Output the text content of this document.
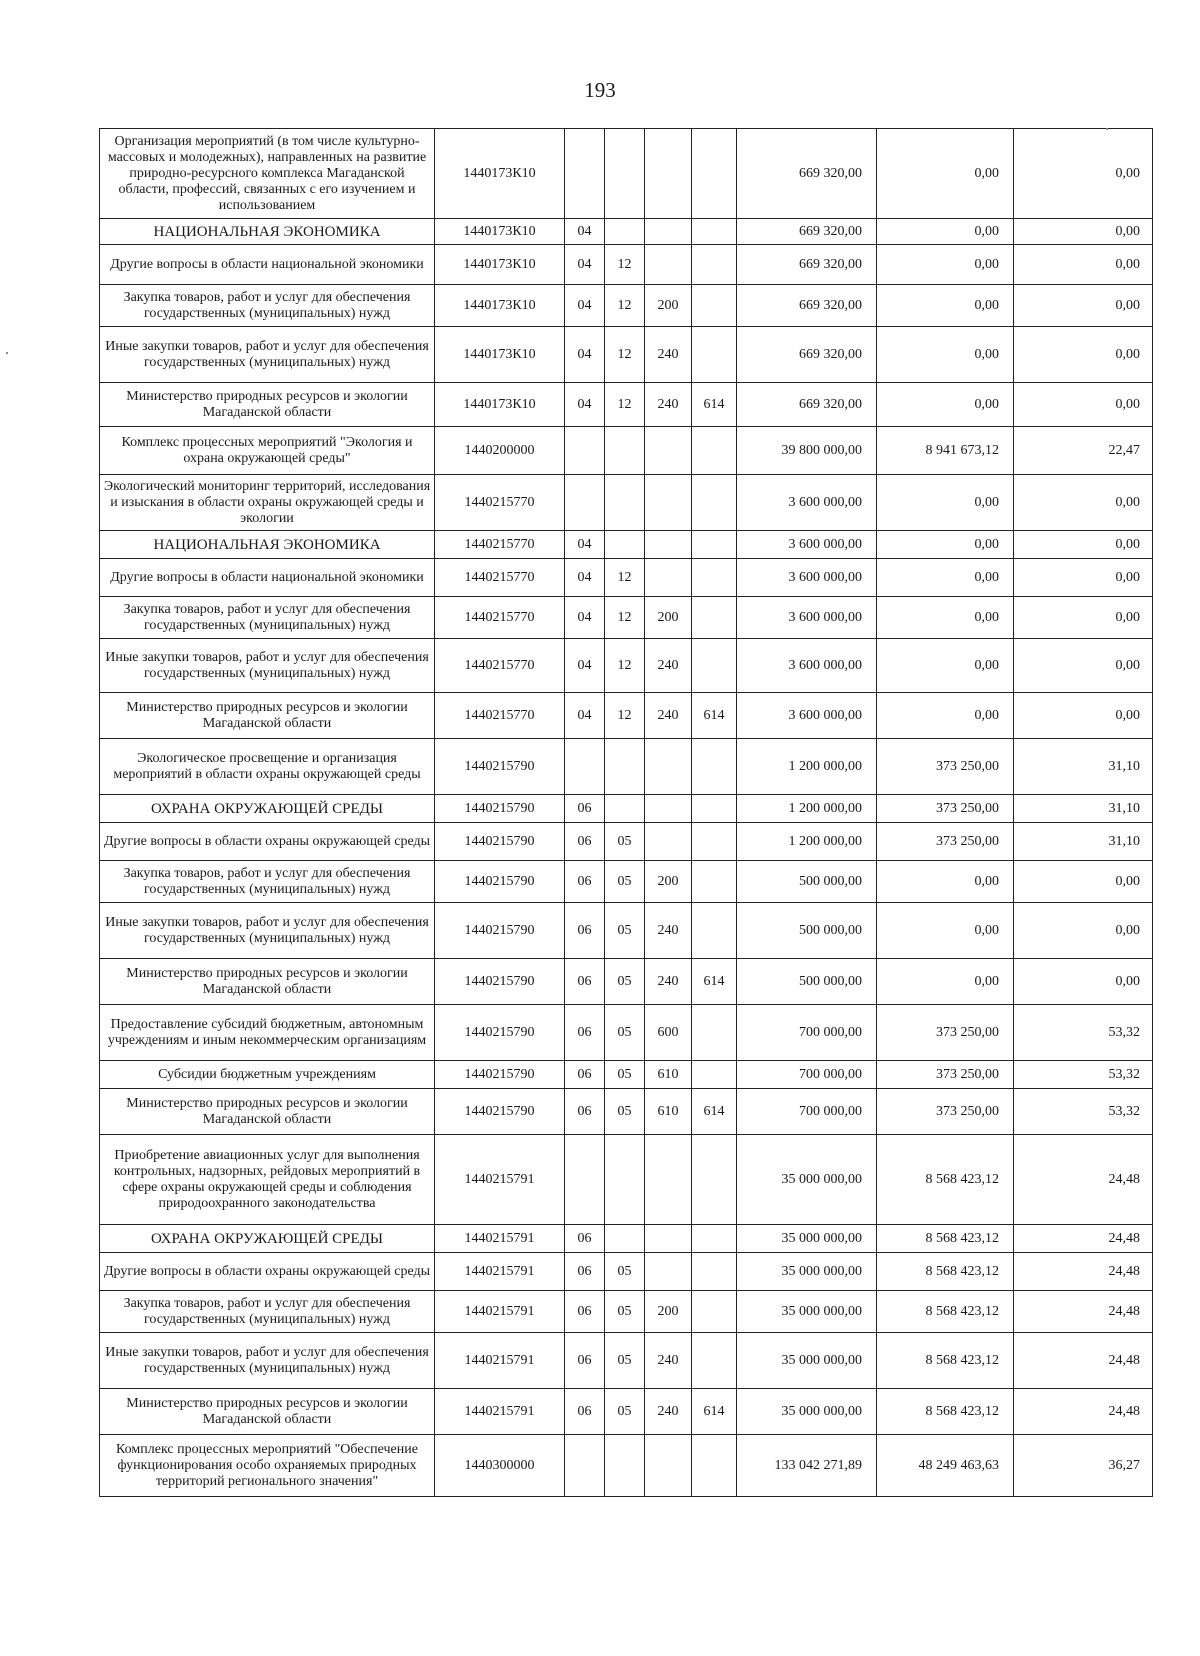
193
Организация мероприятий (в том числе культурно-массовых и молодежных), направленных на развитие природно-ресурсного комплекса Магаданской области, профессий, связанных с его изучением и использованием	1440173К10					669 320,00	0,00	0,00
НАЦИОНАЛЬНАЯ ЭКОНОМИКА	1440173К10	04				669 320,00	0,00	0,00
Другие вопросы в области национальной экономики	1440173К10	04	12			669 320,00	0,00	0,00
Закупка товаров, работ и услуг для обеспечения государственных (муниципальных) нужд	1440173К10	04	12	200		669 320,00	0,00	0,00
Иные закупки товаров, работ и услуг для обеспечения государственных (муниципальных) нужд	1440173К10	04	12	240		669 320,00	0,00	0,00
Министерство природных ресурсов и экологии Магаданской области	1440173К10	04	12	240	614	669 320,00	0,00	0,00
Комплекс процессных мероприятий "Экология и охрана окружающей среды"	1440200000					39 800 000,00	8 941 673,12	22,47
Экологический мониторинг территорий, исследования и изыскания в области охраны окружающей среды и экологии	1440215770					3 600 000,00	0,00	0,00
НАЦИОНАЛЬНАЯ ЭКОНОМИКА	1440215770	04				3 600 000,00	0,00	0,00
Другие вопросы в области национальной экономики	1440215770	04	12			3 600 000,00	0,00	0,00
Закупка товаров, работ и услуг для обеспечения государственных (муниципальных) нужд	1440215770	04	12	200		3 600 000,00	0,00	0,00
Иные закупки товаров, работ и услуг для обеспечения государственных (муниципальных) нужд	1440215770	04	12	240		3 600 000,00	0,00	0,00
Министерство природных ресурсов и экологии Магаданской области	1440215770	04	12	240	614	3 600 000,00	0,00	0,00
Экологическое просвещение и организация мероприятий в области охраны окружающей среды	1440215790					1 200 000,00	373 250,00	31,10
ОХРАНА ОКРУЖАЮЩЕЙ СРЕДЫ	1440215790	06				1 200 000,00	373 250,00	31,10
Другие вопросы в области охраны окружающей среды	1440215790	06	05			1 200 000,00	373 250,00	31,10
Закупка товаров, работ и услуг для обеспечения государственных (муниципальных) нужд	1440215790	06	05	200		500 000,00	0,00	0,00
Иные закупки товаров, работ и услуг для обеспечения государственных (муниципальных) нужд	1440215790	06	05	240		500 000,00	0,00	0,00
Министерство природных ресурсов и экологии Магаданской области	1440215790	06	05	240	614	500 000,00	0,00	0,00
Предоставление субсидий бюджетным, автономным учреждениям и иным некоммерческим организациям	1440215790	06	05	600		700 000,00	373 250,00	53,32
Субсидии бюджетным учреждениям	1440215790	06	05	610		700 000,00	373 250,00	53,32
Министерство природных ресурсов и экологии Магаданской области	1440215790	06	05	610	614	700 000,00	373 250,00	53,32
Приобретение авиационных услуг для выполнения контрольных, надзорных, рейдовых мероприятий в сфере охраны окружающей среды и соблюдения природоохранного законодательства	1440215791					35 000 000,00	8 568 423,12	24,48
ОХРАНА ОКРУЖАЮЩЕЙ СРЕДЫ	1440215791	06				35 000 000,00	8 568 423,12	24,48
Другие вопросы в области охраны окружающей среды	1440215791	06	05			35 000 000,00	8 568 423,12	24,48
Закупка товаров, работ и услуг для обеспечения государственных (муниципальных) нужд	1440215791	06	05	200		35 000 000,00	8 568 423,12	24,48
Иные закупки товаров, работ и услуг для обеспечения государственных (муниципальных) нужд	1440215791	06	05	240		35 000 000,00	8 568 423,12	24,48
Министерство природных ресурсов и экологии Магаданской области	1440215791	06	05	240	614	35 000 000,00	8 568 423,12	24,48
Комплекс процессных мероприятий "Обеспечение функционирования особо охраняемых природных территорий регионального значения"	1440300000					133 042 271,89	48 249 463,63	36,27
